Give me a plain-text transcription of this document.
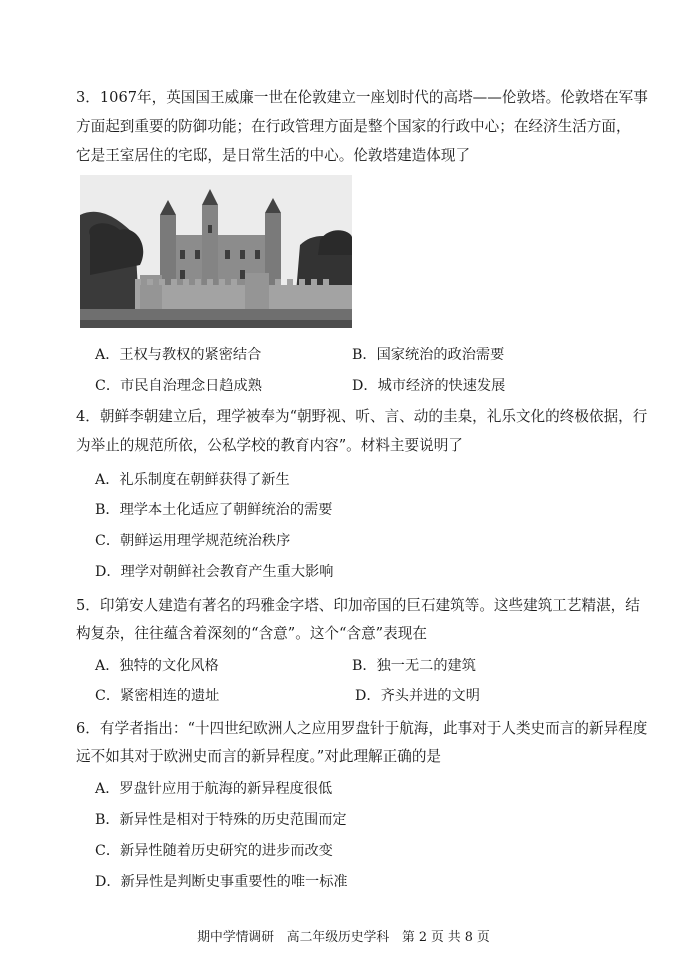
3．1067年，英国国王威廉一世在伦敦建立一座划时代的高塔——伦敦塔。伦敦塔在军事
方面起到重要的防御功能；在行政管理方面是整个国家的行政中心；在经济生活方面，
它是王室居住的宅邸，是日常生活的中心。伦敦塔建造体现了
A．王权与教权的紧密结合	B．国家统治的政治需要
C．市民自治理念日趋成熟	D．城市经济的快速发展
4．朝鲜李朝建立后，理学被奉为“朝野视、听、言、动的圭臬，礼乐文化的终极依据，行
为举止的规范所依，公私学校的教育内容”。材料主要说明了
A．礼乐制度在朝鲜获得了新生
B．理学本土化适应了朝鲜统治的需要
C．朝鲜运用理学规范统治秩序
D．理学对朝鲜社会教育产生重大影响
5．印第安人建造有著名的玛雅金字塔、印加帝国的巨石建筑等。这些建筑工艺精湛，结
构复杂，往往蕴含着深刻的“含意”。这个“含意”表现在
A．独特的文化风格	B．独一无二的建筑
C．紧密相连的遗址	D．齐头并进的文明
6．有学者指出：“十四世纪欧洲人之应用罗盘针于航海，此事对于人类史而言的新异程度
远不如其对于欧洲史而言的新异程度。”对此理解正确的是
A．罗盘针应用于航海的新异程度很低
B．新异性是相对于特殊的历史范围而定
C．新异性随着历史研究的进步而改变
D．新异性是判断史事重要性的唯一标准
期中学情调研　高二年级历史学科　第 2 页 共 8 页
